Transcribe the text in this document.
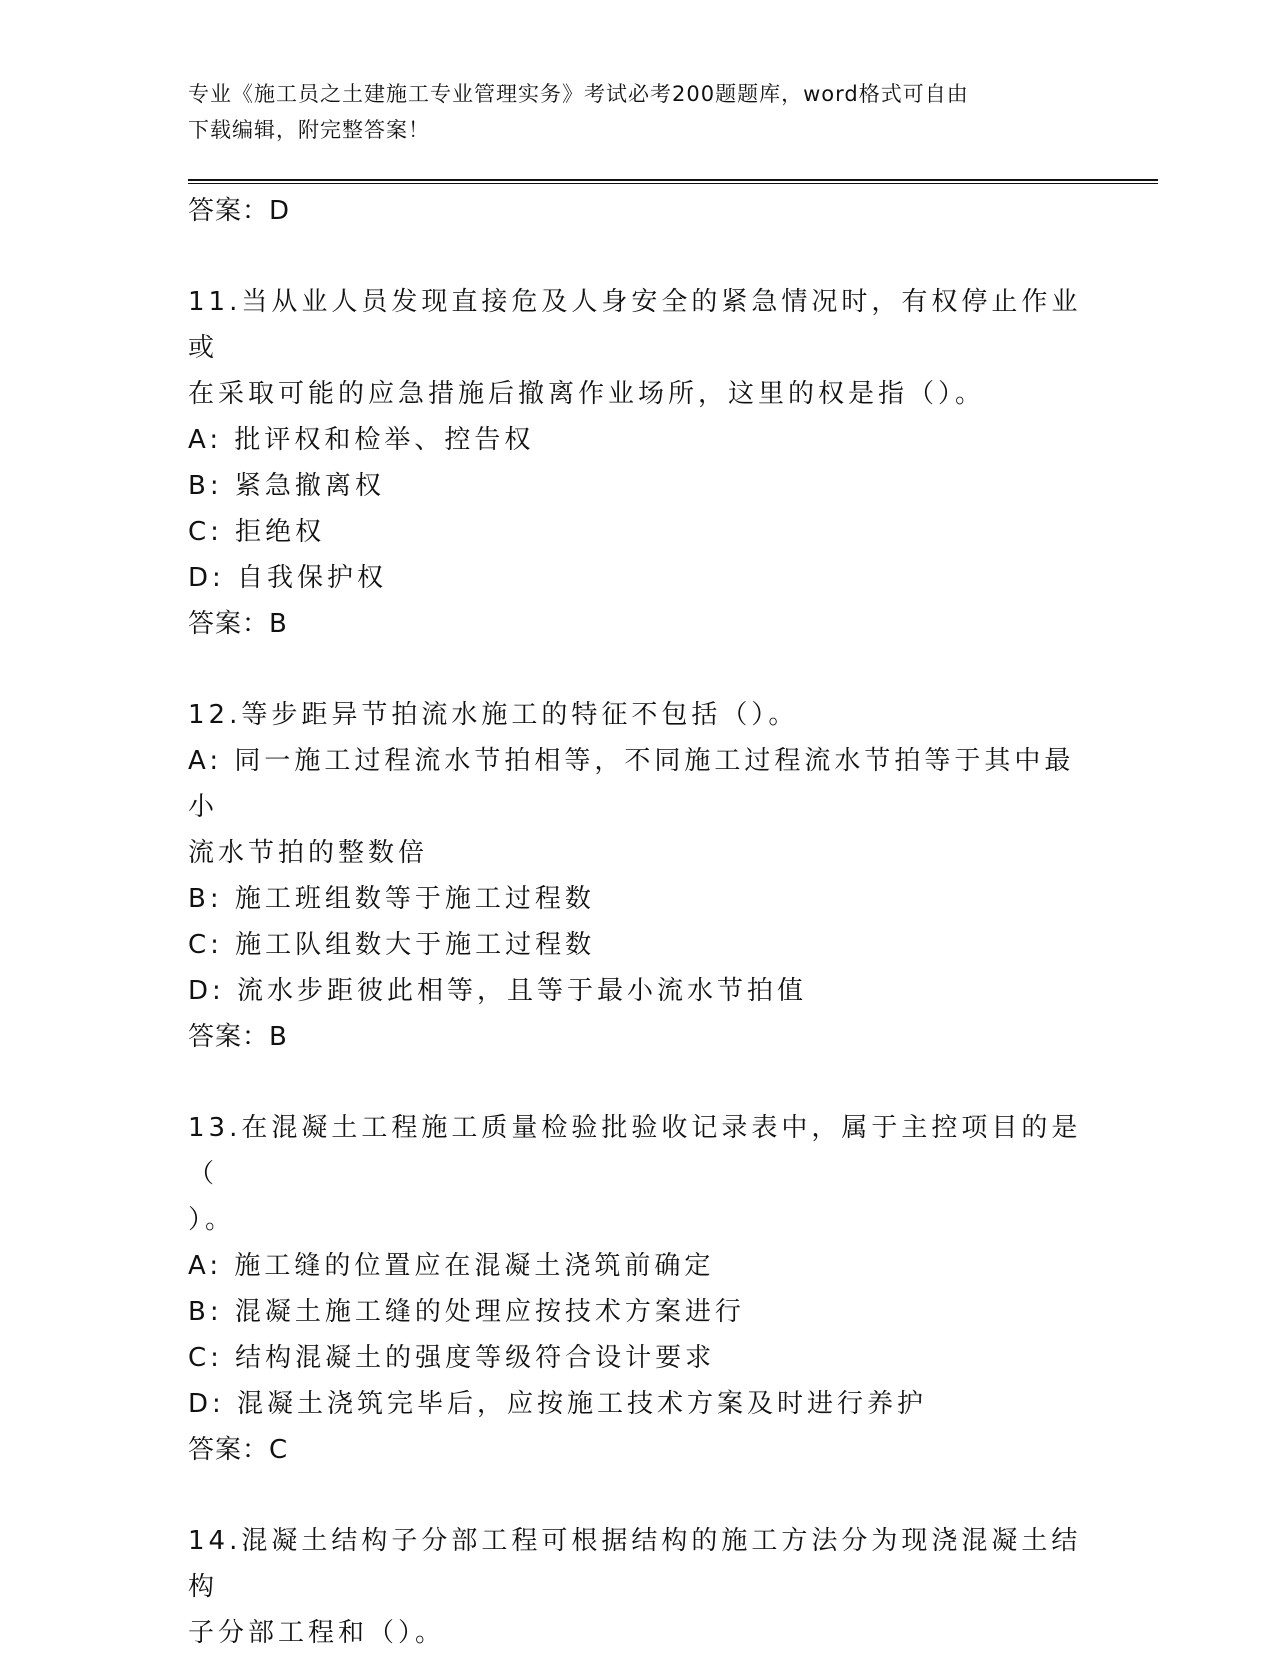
专业《施工员之土建施工专业管理实务》考试必考200题题库，word格式可自由
下载编辑，附完整答案！
答案：D
11.当从业人员发现直接危及人身安全的紧急情况时，有权停止作业或
在采取可能的应急措施后撤离作业场所，这里的权是指（）。
A: 批评权和检举、控告权
B: 紧急撤离权
C: 拒绝权
D: 自我保护权
答案：B
12.等步距异节拍流水施工的特征不包括（）。
A: 同一施工过程流水节拍相等，不同施工过程流水节拍等于其中最小
流水节拍的整数倍
B: 施工班组数等于施工过程数
C: 施工队组数大于施工过程数
D: 流水步距彼此相等，且等于最小流水节拍值
答案：B
13.在混凝土工程施工质量检验批验收记录表中，属于主控项目的是（
）。
A: 施工缝的位置应在混凝土浇筑前确定
B: 混凝土施工缝的处理应按技术方案进行
C: 结构混凝土的强度等级符合设计要求
D: 混凝土浇筑完毕后，应按施工技术方案及时进行养护
答案：C
14.混凝土结构子分部工程可根据结构的施工方法分为现浇混凝土结构
子分部工程和（）。
